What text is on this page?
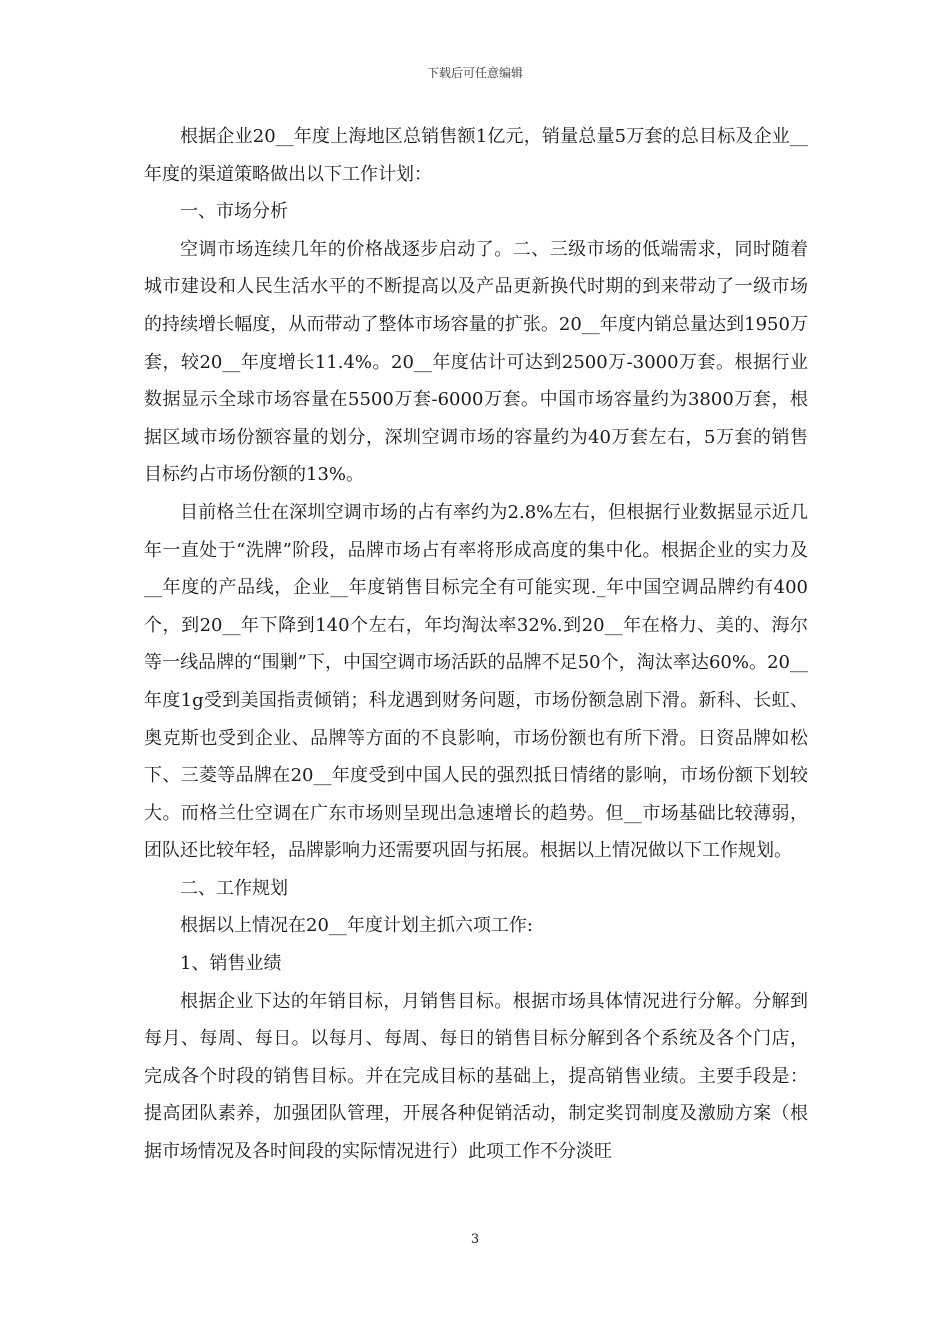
下载后可任意编辑

根据企业20__年度上海地区总销售额1亿元，销量总量5万套的总目标及企业__年度的渠道策略做出以下工作计划：

一、市场分析

空调市场连续几年的价格战逐步启动了。二、三级市场的低端需求，同时随着城市建设和人民生活水平的不断提高以及产品更新换代时期的到来带动了一级市场的持续增长幅度，从而带动了整体市场容量的扩张。20__年度内销总量达到1950万套，较20__年度增长11.4%。20__年度估计可达到2500万-3000万套。根据行业数据显示全球市场容量在5500万套-6000万套。中国市场容量约为3800万套，根据区域市场份额容量的划分，深圳空调市场的容量约为40万套左右，5万套的销售目标约占市场份额的13%。

目前格兰仕在深圳空调市场的占有率约为2.8%左右，但根据行业数据显示近几年一直处于“洗牌”阶段，品牌市场占有率将形成高度的集中化。根据企业的实力及__年度的产品线，企业__年度销售目标完全有可能实现._年中国空调品牌约有400个，到20__年下降到140个左右，年均淘汰率32%.到20__年在格力、美的、海尔等一线品牌的“围剿”下，中国空调市场活跃的品牌不足50个，淘汰率达60%。20__年度1g受到美国指责倾销；科龙遇到财务问题，市场份额急剧下滑。新科、长虹、奥克斯也受到企业、品牌等方面的不良影响，市场份额也有所下滑。日资品牌如松下、三菱等品牌在20__年度受到中国人民的强烈抵日情绪的影响，市场份额下划较大。而格兰仕空调在广东市场则呈现出急速增长的趋势。但__市场基础比较薄弱，团队还比较年轻，品牌影响力还需要巩固与拓展。根据以上情况做以下工作规划。

二、工作规划

根据以上情况在20__年度计划主抓六项工作:

1、销售业绩

根据企业下达的年销目标，月销售目标。根据市场具体情况进行分解。分解到每月、每周、每日。以每月、每周、每日的销售目标分解到各个系统及各个门店，完成各个时段的销售目标。并在完成目标的基础上，提高销售业绩。主要手段是：提高团队素养，加强团队管理，开展各种促销活动，制定奖罚制度及激励方案（根据市场情况及各时间段的实际情况进行）此项工作不分淡旺

3
